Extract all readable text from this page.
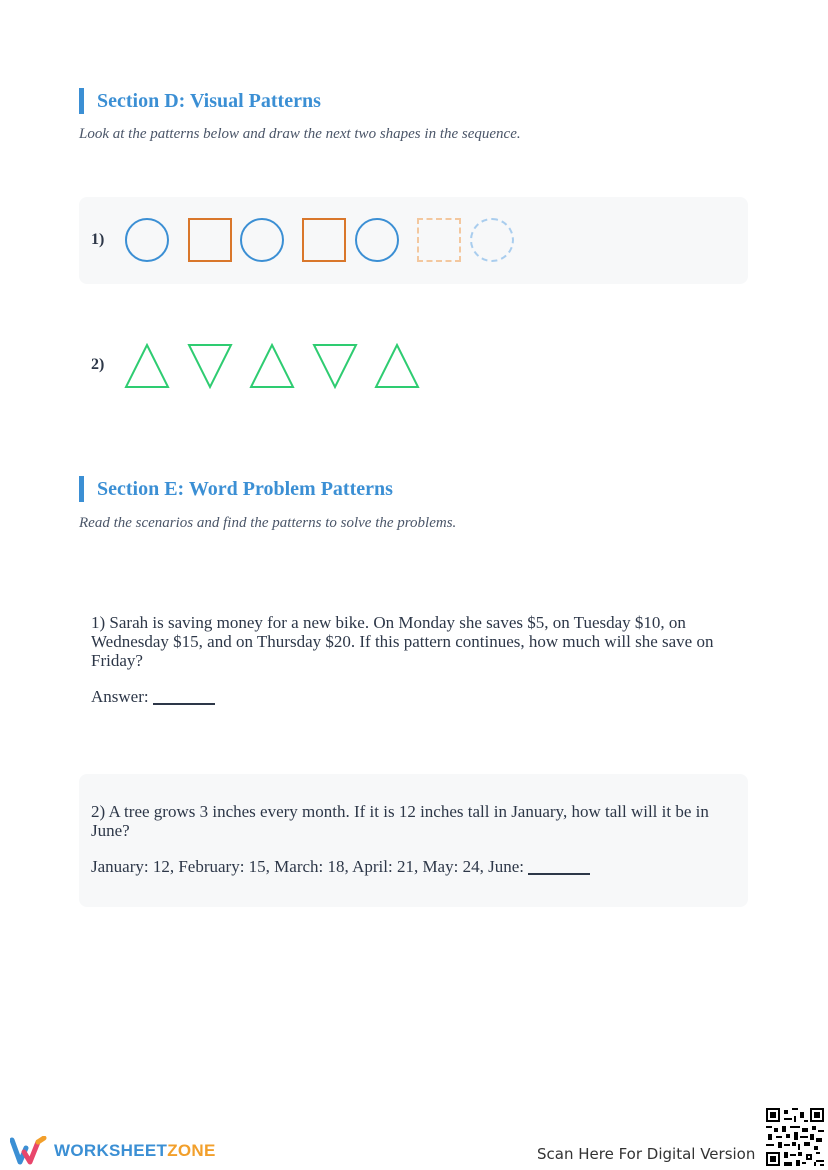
Section D: Visual Patterns
Look at the patterns below and draw the next two shapes in the sequence.
1)
2)
Section E: Word Problem Patterns
Read the scenarios and find the patterns to solve the problems.
1) Sarah is saving money for a new bike. On Monday she saves $5, on Tuesday $10, on Wednesday $15, and on Thursday $20. If this pattern continues, how much will she save on Friday?
Answer:
2) A tree grows 3 inches every month. If it is 12 inches tall in January, how tall will it be in June?
January: 12, February: 15, March: 18, April: 21, May: 24, June:
WORKSHEET ZONE	Scan Here For Digital Version
